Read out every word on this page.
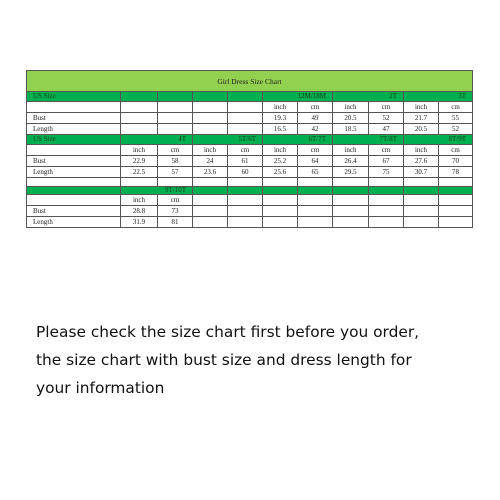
Girl Dress Size Chart										
US Size					12M/18M		2T		3T	
					inch	cm	inch	cm	inch	cm
Bust					19.3	49	20.5	52	21.7	55
Length					16.5	42	18.5	47	20.5	52
US Size	4T		5T/6T		6T/7T		7T/8T		8T/9T	
	inch	cm	inch	cm	inch	cm	inch	cm	inch	cm
Bust	22.9	58	24	61	25.2	64	26.4	67	27.6	70
Length	22.5	57	23.6	60	25.6	65	29.5	75	30.7	78

	9T/10T									
	inch	cm								
Bust	28.8	73								
Length	31.9	81								
Please check the size chart first before you order,
the size chart with bust size and dress length for
your information
